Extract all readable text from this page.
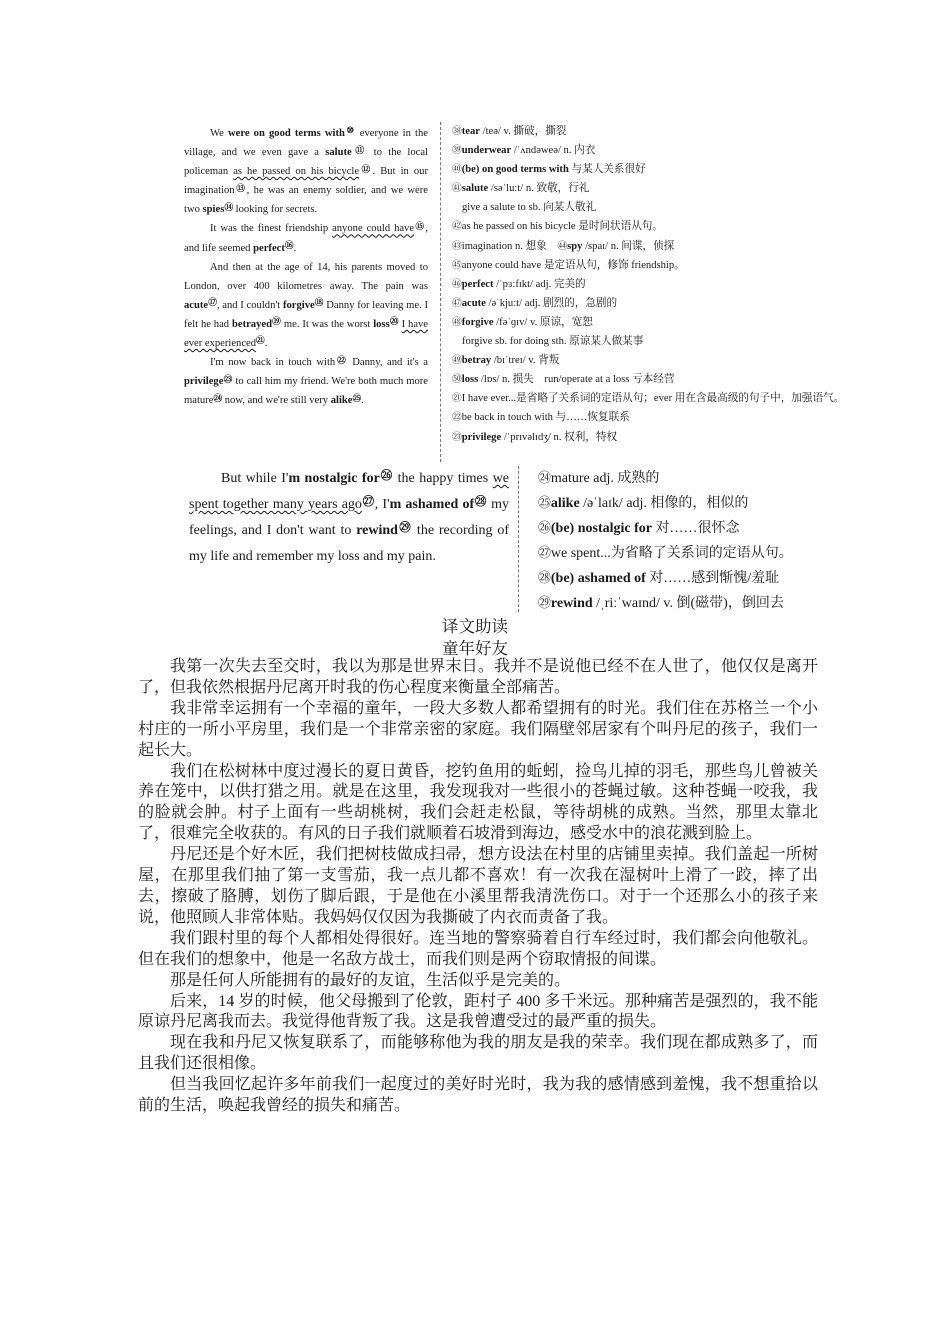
We were on good terms with⑩ everyone in the village, and we even gave a salute⑪ to the local policeman as he passed on his bicycle⑫. But in our imagination⑬, he was an enemy soldier, and we were two spies⑭ looking for secrets.

It was the finest friendship anyone could have⑮, and life seemed perfect⑯.

And then at the age of 14, his parents moved to London, over 400 kilometres away. The pain was acute⑰, and I couldn't forgive⑱ Danny for leaving me. I felt he had betrayed⑲ me. It was the worst loss⑳ I have ever experienced$^㉑$.

I'm now back in touch with$^㉒$ Danny, and it's a privilege$^㉓$ to call him my friend. We're both much more mature$^㉔$ now, and we're still very alike$^㉕$.

㊳tear /teə/ v. 撕破，撕裂
㊴underwear /ˈʌndəweə/ n. 内衣
㊵(be) on good terms with 与某人关系很好
㊶salute /səˈluːt/ n. 致敬，行礼
give a salute to sb. 向某人敬礼
㊷as he passed on his bicycle 是时间状语从句。
㊸imagination n. 想象　㊹spy /spaɪ/ n. 间谍，侦探
㊺anyone could have 是定语从句，修饰 friendship。
㊻perfect /ˈpɜːfɪkt/ adj. 完美的
㊼acute /əˈkjuːt/ adj. 剧烈的，急剧的
㊽forgive /fəˈɡɪv/ v. 原谅，宽恕
forgive sb. for doing sth. 原谅某人做某事
㊾betray /bɪˈtreɪ/ v. 背叛
㊿loss /lɒs/ n. 损失　run/operate at a loss 亏本经营
㉑I have ever...是省略了关系词的定语从句；ever 用在含最高级的句子中，加强语气。
㉒be back in touch with 与……恢复联系
㉓privilege /ˈprɪvəlɪdʒ/ n. 权利，特权

But while I'm nostalgic for$^㉖$ the happy times we spent together many years ago$^㉗$, I'm ashamed $of^㉘$ my feelings, and I don't want to rewind$^㉙$ the recording of my life and remember my loss and my pain.

㉔mature adj. 成熟的
㉕alike /əˈlaɪk/ adj. 相像的，相似的
㉖(be) nostalgic for 对……很怀念
㉗we spent...为省略了关系词的定语从句。
㉘(be) ashamed of 对……感到惭愧/羞耻
㉙rewind /ˌriːˈwaɪnd/ v. 倒(磁带)，倒回去
译文助读
童年好友

我第一次失去至交时，我以为那是世界末日。我并不是说他已经不在人世了，他仅仅是离开了，但我依然根据丹尼离开时我的伤心程度来衡量全部痛苦。

我非常幸运拥有一个幸福的童年，一段大多数人都希望拥有的时光。我们住在苏格兰一个小村庄的一所小平房里，我们是一个非常亲密的家庭。我们隔壁邻居家有个叫丹尼的孩子，我们一起长大。

我们在松树林中度过漫长的夏日黄昏，挖钓鱼用的蚯蚓，捡鸟儿掉的羽毛，那些鸟儿曾被关养在笼中，以供打猎之用。就是在这里，我发现我对一些很小的苍蝇过敏。这种苍蝇一咬我，我的脸就会肿。村子上面有一些胡桃树，我们会赶走松鼠，等待胡桃的成熟。当然，那里太靠北了，很难完全收获的。有风的日子我们就顺着石坡滑到海边，感受水中的浪花溅到脸上。

丹尼还是个好木匠，我们把树枝做成扫帚，想方设法在村里的店铺里卖掉。我们盖起一所树屋，在那里我们抽了第一支雪茄，我一点儿都不喜欢！有一次我在湿树叶上滑了一跤，摔了出去，擦破了胳膊，划伤了脚后跟，于是他在小溪里帮我清洗伤口。对于一个还那么小的孩子来说，他照顾人非常体贴。我妈妈仅仅因为我撕破了内衣而责备了我。

我们跟村里的每个人都相处得很好。连当地的警察骑着自行车经过时，我们都会向他敬礼。但在我们的想象中，他是一名敌方战士，而我们则是两个窃取情报的间谍。

那是任何人所能拥有的最好的友谊，生活似乎是完美的。

后来，14 岁的时候，他父母搬到了伦敦，距村子 400 多千米远。那种痛苦是强烈的，我不能原谅丹尼离我而去。我觉得他背叛了我。这是我曾遭受过的最严重的损失。

现在我和丹尼又恢复联系了，而能够称他为我的朋友是我的荣幸。我们现在都成熟多了，而且我们还很相像。

但当我回忆起许多年前我们一起度过的美好时光时，我为我的感情感到羞愧，我不想重拾以前的生活，唤起我曾经的损失和痛苦。
